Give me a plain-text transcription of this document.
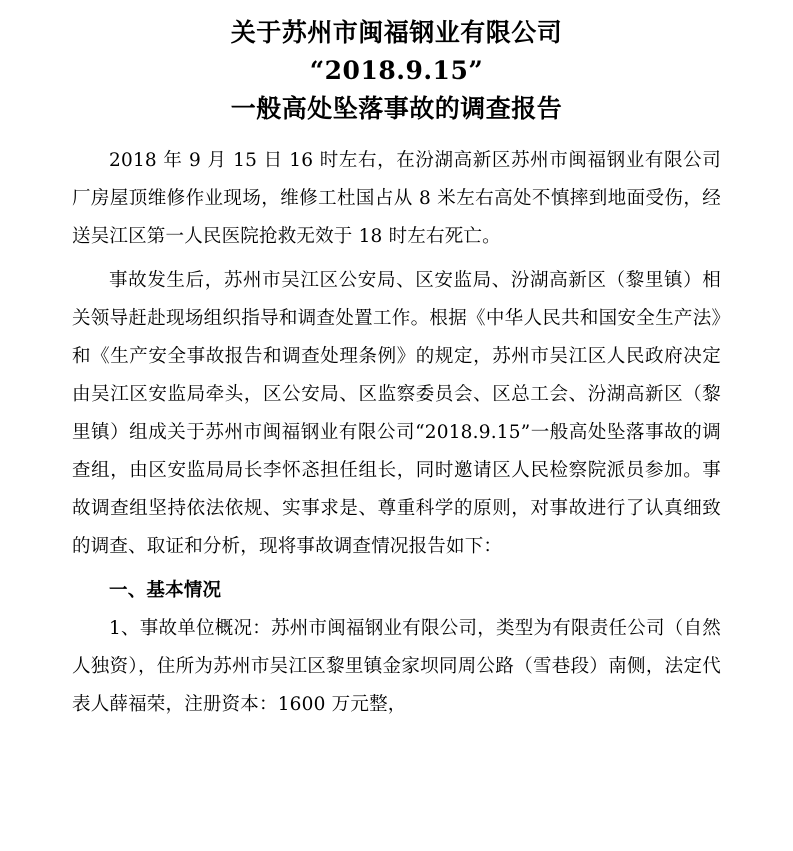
关于苏州市闽福钢业有限公司
“2018.9.15”
一般高处坠落事故的调查报告

2018 年 9 月 15 日 16 时左右，在汾湖高新区苏州市闽福钢业有限公司厂房屋顶维修作业现场，维修工杜国占从 8 米左右高处不慎摔到地面受伤，经送吴江区第一人民医院抢救无效于 18 时左右死亡。

事故发生后，苏州市吴江区公安局、区安监局、汾湖高新区（黎里镇）相关领导赶赴现场组织指导和调查处置工作。根据《中华人民共和国安全生产法》和《生产安全事故报告和调查处理条例》的规定，苏州市吴江区人民政府决定由吴江区安监局牵头，区公安局、区监察委员会、区总工会、汾湖高新区（黎里镇）组成关于苏州市闽福钢业有限公司“2018.9.15”一般高处坠落事故的调查组，由区安监局局长李怀忞担任组长，同时邀请区人民检察院派员参加。事故调查组坚持依法依规、实事求是、尊重科学的原则，对事故进行了认真细致的调查、取证和分析，现将事故调查情况报告如下：

一、基本情况

1、事故单位概况：苏州市闽福钢业有限公司，类型为有限责任公司（自然人独资），住所为苏州市吴江区黎里镇金家坝同周公路（雪巷段）南侧，法定代表人薛福荣，注册资本：1600 万元整，
